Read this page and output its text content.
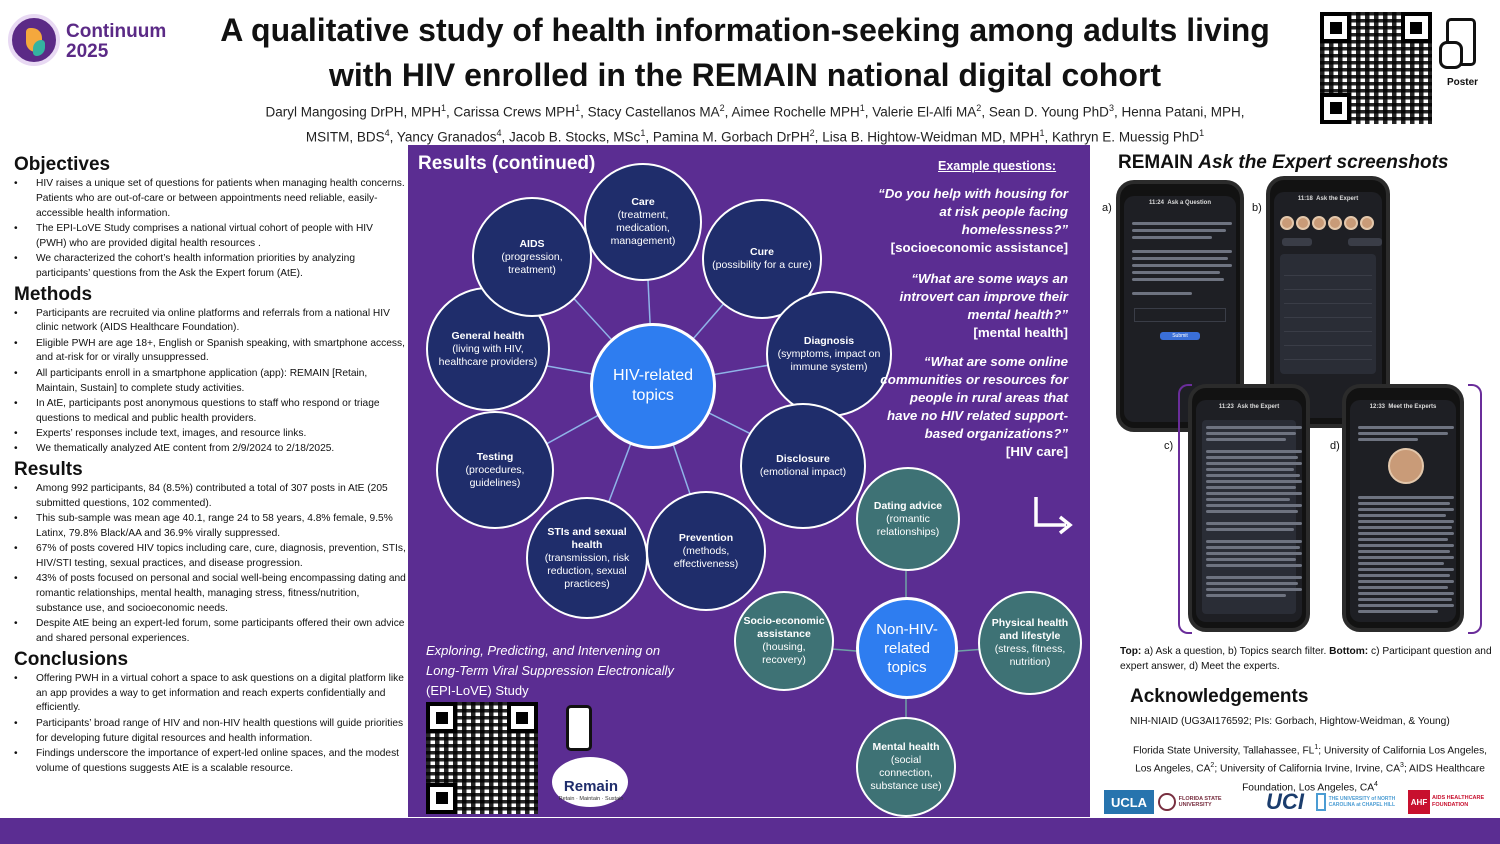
Continuum
2025
A qualitative study of health information-seeking among adults living
with HIV enrolled in the REMAIN national digital cohort
Daryl Mangosing DrPH, MPH$^1$, Carissa Crews MPH$^1$, Stacy Castellanos $MA^2$, Aimee Rochelle MPH$^1$, Valerie El-Alfi $MA^2$, Sean D. Young PhD$^3$, Henna Patani, MPH, MSITM, BDS$^4$, Yancy Granados$^4$, Jacob B. Stocks, MSc$^1$, Pamina M. Gorbach DrPH$^2$, Lisa B. Hightow-Weidman MD, MPH$^1$, Kathryn E. Muessig PhD$^1$
Poster
Objectives
• HIV raises a unique set of questions for patients when managing health concerns. Patients who are out-of-care or between appointments need reliable, easily-accessible health information.
• The EPI-LoVE Study comprises a national virtual cohort of people with HIV (PWH) who are provided digital health resources .
• We characterized the cohort’s health information priorities by analyzing participants’ questions from the Ask the Expert forum (AtE).
Methods
• Participants are recruited via online platforms and referrals from a national HIV clinic network (AIDS Healthcare Foundation).
• Eligible PWH are age 18+, English or Spanish speaking, with smartphone access, and at-risk for or virally unsuppressed.
• All participants enroll in a smartphone application (app): REMAIN [Retain, Maintain, Sustain] to complete study activities.
• In AtE, participants post anonymous questions to staff who respond or triage questions to medical and public health providers.
• Experts’ responses include text, images, and resource links.
• We thematically analyzed AtE content from 2/9/2024 to 2/18/2025.
Results
• Among 992 participants, 84 (8.5%) contributed a total of 307 posts in AtE (205 submitted questions, 102 commented).
• This sub-sample was mean age 40.1, range 24 to 58 years, 4.8% female, 9.5% Latinx, 79.8% Black/AA and 36.9% virally suppressed.
• 67% of posts covered HIV topics including care, cure, diagnosis, prevention, STIs, HIV/STI testing, sexual practices, and disease progression.
• 43% of posts focused on personal and social well-being encompassing dating and romantic relationships, mental health, managing stress, fitness/nutrition, substance use, and socioeconomic needs.
• Despite AtE being an expert-led forum, some participants offered their own advice and shared personal experiences.
Conclusions
• Offering PWH in a virtual cohort a space to ask questions on a digital platform like an app provides a way to get information and reach experts confidentially and efficiently.
• Participants’ broad range of HIV and non-HIV health questions will guide priorities for developing future digital resources and health information.
• Findings underscore the importance of expert-led online spaces, and the modest volume of questions suggests AtE is a scalable resource.
Results (continued)
Care
(treatment, medication, management)
Cure
(possibility for a cure)
Diagnosis
(symptoms, impact on immune system)
Disclosure
(emotional impact)
Prevention
(methods, effectiveness)
STIs and sexual health
(transmission, risk reduction, sexual practices)
Testing
(procedures, guidelines)
General health
(living with HIV, healthcare providers)
AIDS
(progression, treatment)
HIV-related topics
Dating advice
(romantic relationships)
Physical health and lifestyle
(stress, fitness, nutrition)
Mental health
(social connection, substance use)
Socio-economic assistance
(housing, recovery)
Non-HIV-related topics
Example questions:
“Do you help with housing for at risk people facing homelessness?”
[socioeconomic assistance]
“What are some ways an introvert can improve their mental health?”
[mental health]
“What are some online communities or resources for people in rural areas that have no HIV related support-based organizations?”
[HIV care]
Exploring, Predicting, and Intervening on Long-Term Viral Suppression Electronically (EPI-LoVE) Study
Remain
Retain · Maintain · Sustain
REMAIN Ask the Expert screenshots
a)	11:24 Ask a Question
Submit
b)
11:18 Ask the Expert
c)
11:23 Ask the Expert
d)
12:33 Meet the Experts
Top: a) Ask a question, b) Topics search filter. Bottom: c) Participant question and expert answer, d) Meet the experts.
Acknowledgements
NIH-NIAID (UG3AI176592; PIs: Gorbach, Hightow-Weidman, & Young)
Florida State University, Tallahassee, $FL^1$; University of California Los Angeles, Los Angeles, $CA^2$; University of California Irvine, Irvine, $CA^3$; AIDS Healthcare Foundation, Los Angeles, $CA^4$
UCLA	FLORIDA STATE UNIVERSITY	UCI	THE UNIVERSITY of NORTH CAROLINA at CHAPEL HILL	AHF AIDS HEALTHCARE FOUNDATION
